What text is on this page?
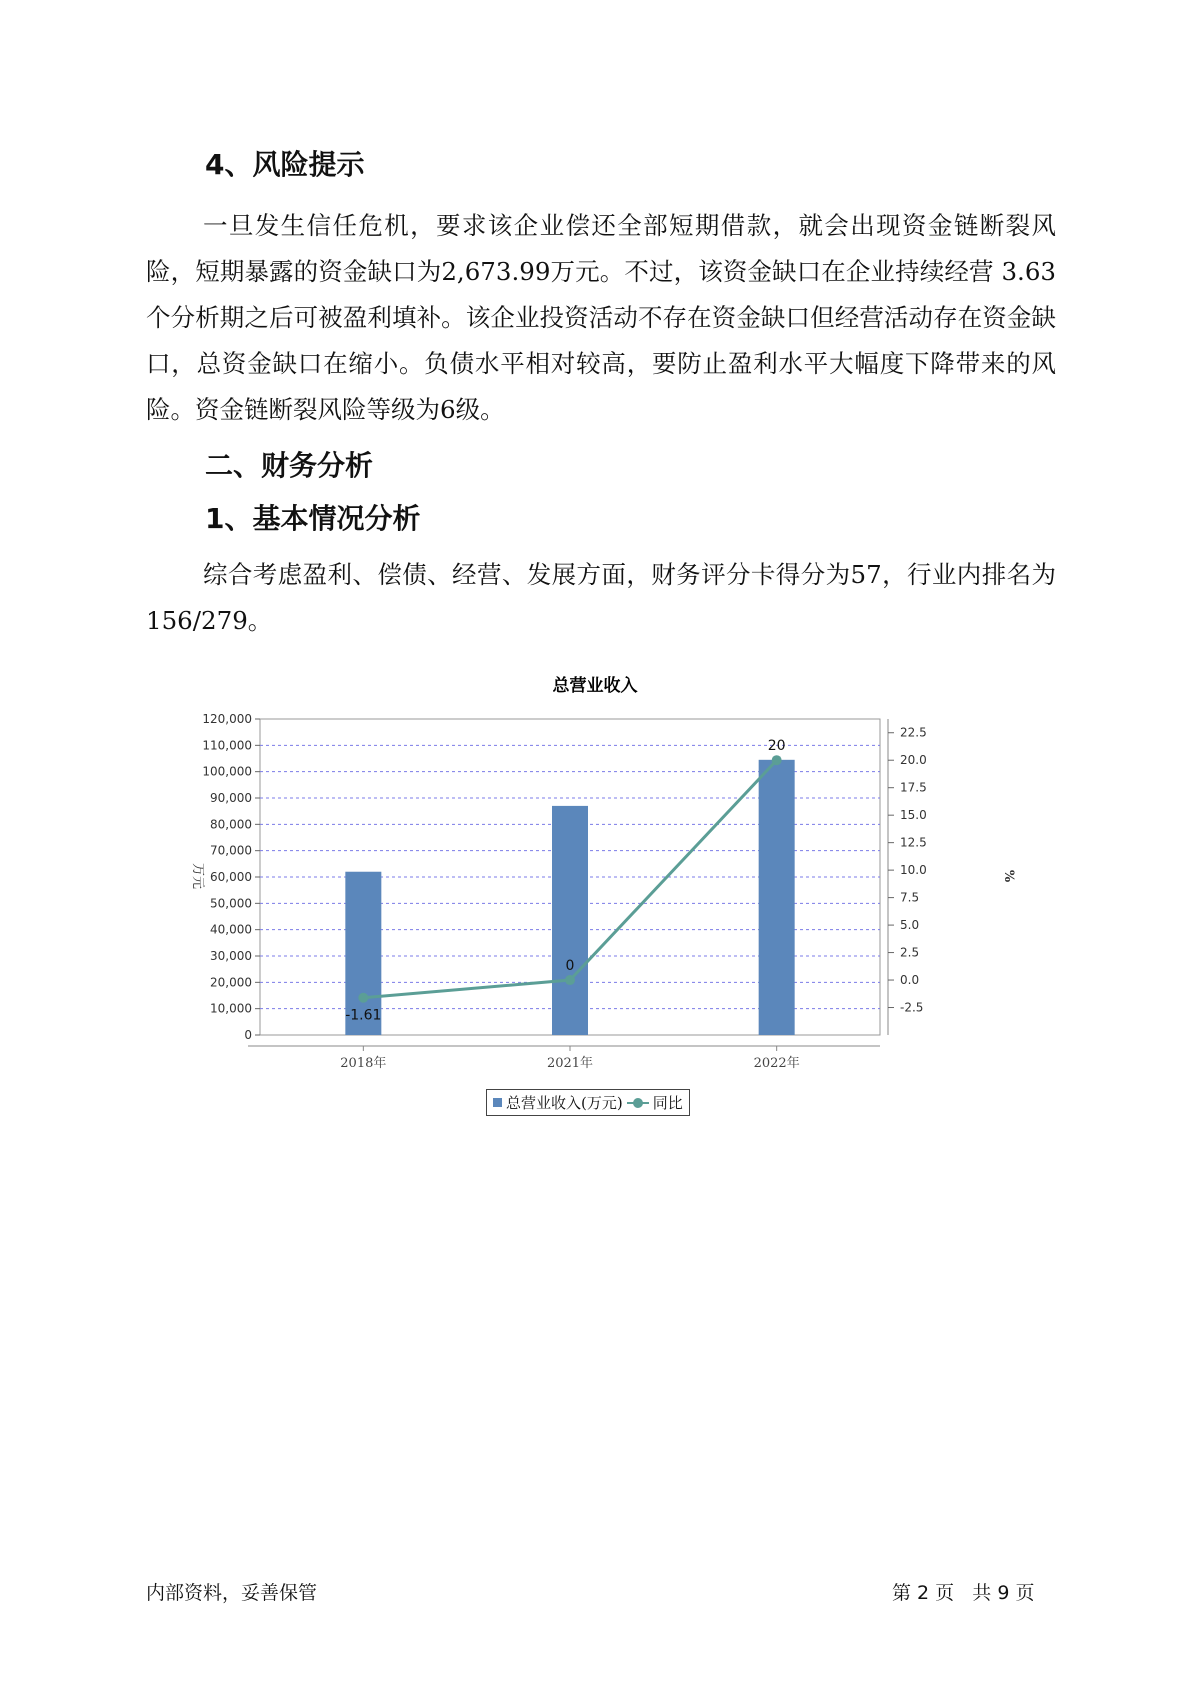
4、风险提示

一旦发生信任危机，要求该企业偿还全部短期借款，就会出现资金链断裂风险，短期暴露的资金缺口为2,673.99万元。不过，该资金缺口在企业持续经营 3.63个分析期之后可被盈利填补。该企业投资活动不存在资金缺口但经营活动存在资金缺口，总资金缺口在缩小。负债水平相对较高，要防止盈利水平大幅度下降带来的风险。资金链断裂风险等级为6级。

二、财务分析
1、基本情况分析

综合考虑盈利、偿债、经营、发展方面，财务评分卡得分为57，行业内排名为156/279。

总营业收入
万元	%
0
10,000
20,000
30,000
40,000
50,000
60,000
70,000
80,000
90,000
100,000
110,000
120,000
-2.5
0.0
2.5
5.0
7.5
10.0
12.5
15.0
17.5
20.0
22.5
2018年	2021年	2022年
-1.61
0
20
总营业收入(万元) 同比
内部资料，妥善保管	第 2 页   共 9 页
